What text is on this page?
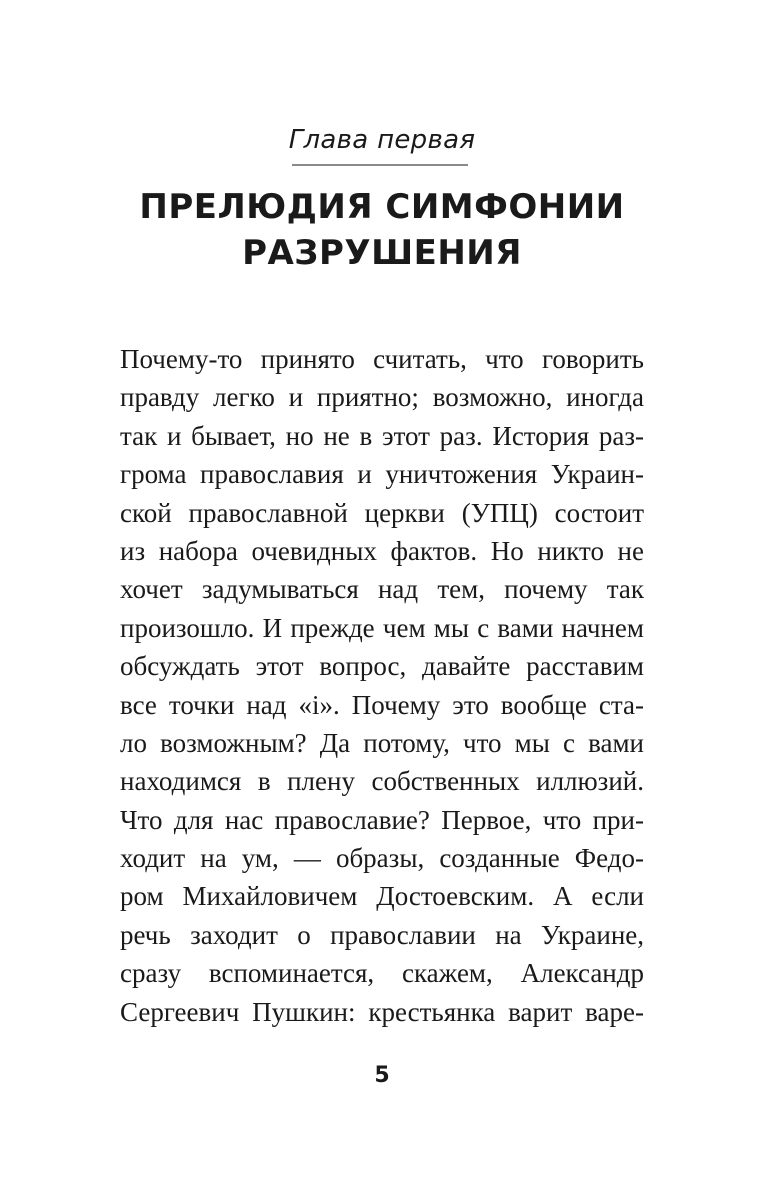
Глава первая
ПРЕЛЮДИЯ СИМФОНИИ
РАЗРУШЕНИЯ
Почему-то принято считать, что говорить
правду легко и приятно; возможно, иногда
так и бывает, но не в этот раз. История раз-
грома православия и уничтожения Украин-
ской православной церкви (УПЦ) состоит
из набора очевидных фактов. Но никто не
хочет задумываться над тем, почему так
произошло. И прежде чем мы с вами начнем
обсуждать этот вопрос, давайте расставим
все точки над «і». Почему это вообще ста-
ло возможным? Да потому, что мы с вами
находимся в плену собственных иллюзий.
Что для нас православие? Первое, что при-
ходит на ум, — образы, созданные Федо-
ром Михайловичем Достоевским. А если
речь заходит о православии на Украине,
сразу вспоминается, скажем, Александр
Сергеевич Пушкин: крестьянка варит варе-
5
